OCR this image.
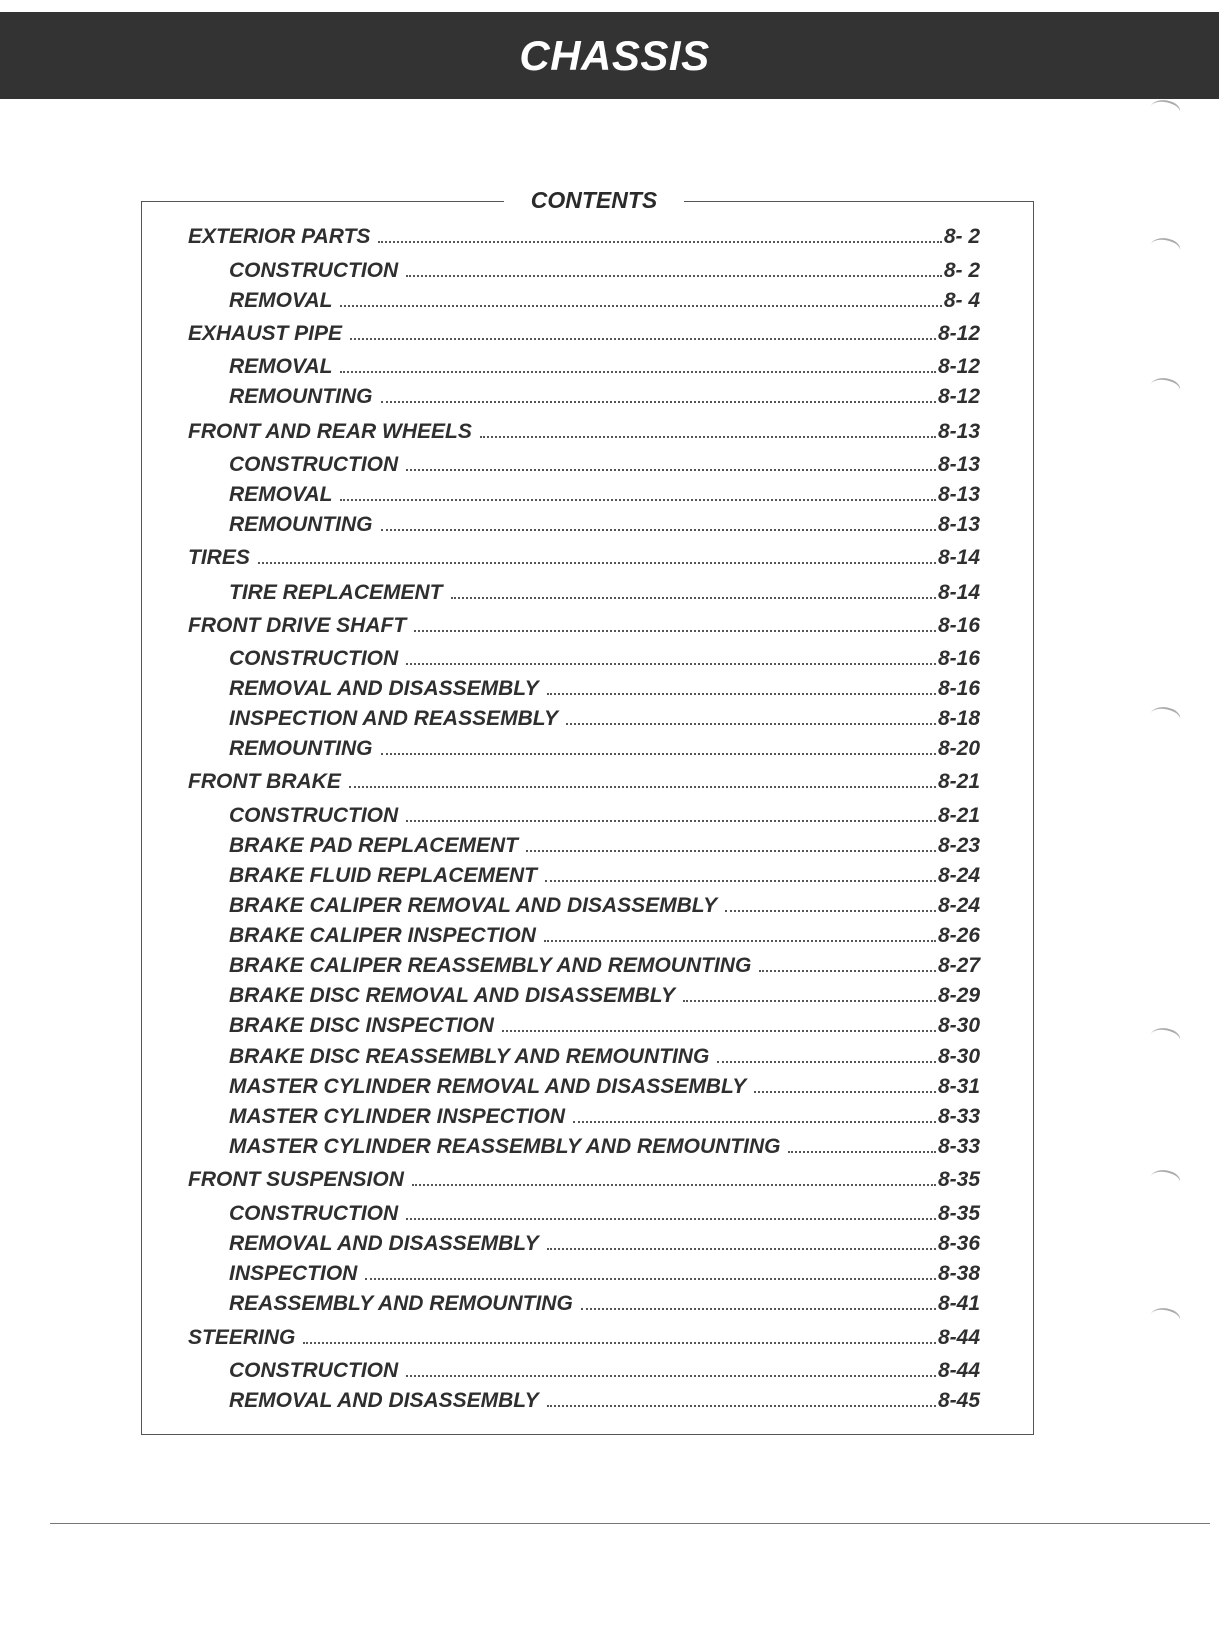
CHASSIS
CONTENTS
EXTERIOR PARTS	8- 2
CONSTRUCTION	8- 2
REMOVAL	8- 4
EXHAUST PIPE	8-12
REMOVAL	8-12
REMOUNTING	8-12
FRONT AND REAR WHEELS	8-13
CONSTRUCTION	8-13
REMOVAL	8-13
REMOUNTING	8-13
TIRES	8-14
TIRE REPLACEMENT	8-14
FRONT DRIVE SHAFT	8-16
CONSTRUCTION	8-16
REMOVAL AND DISASSEMBLY	8-16
INSPECTION AND REASSEMBLY	8-18
REMOUNTING	8-20
FRONT BRAKE	8-21
CONSTRUCTION	8-21
BRAKE PAD REPLACEMENT	8-23
BRAKE FLUID REPLACEMENT	8-24
BRAKE CALIPER REMOVAL AND DISASSEMBLY	8-24
BRAKE CALIPER INSPECTION	8-26
BRAKE CALIPER REASSEMBLY AND REMOUNTING	8-27
BRAKE DISC REMOVAL AND DISASSEMBLY	8-29
BRAKE DISC INSPECTION	8-30
BRAKE DISC REASSEMBLY AND REMOUNTING	8-30
MASTER CYLINDER REMOVAL AND DISASSEMBLY	8-31
MASTER CYLINDER INSPECTION	8-33
MASTER CYLINDER REASSEMBLY AND REMOUNTING	8-33
FRONT SUSPENSION	8-35
CONSTRUCTION	8-35
REMOVAL AND DISASSEMBLY	8-36
INSPECTION	8-38
REASSEMBLY AND REMOUNTING	8-41
STEERING	8-44
CONSTRUCTION	8-44
REMOVAL AND DISASSEMBLY	8-45
